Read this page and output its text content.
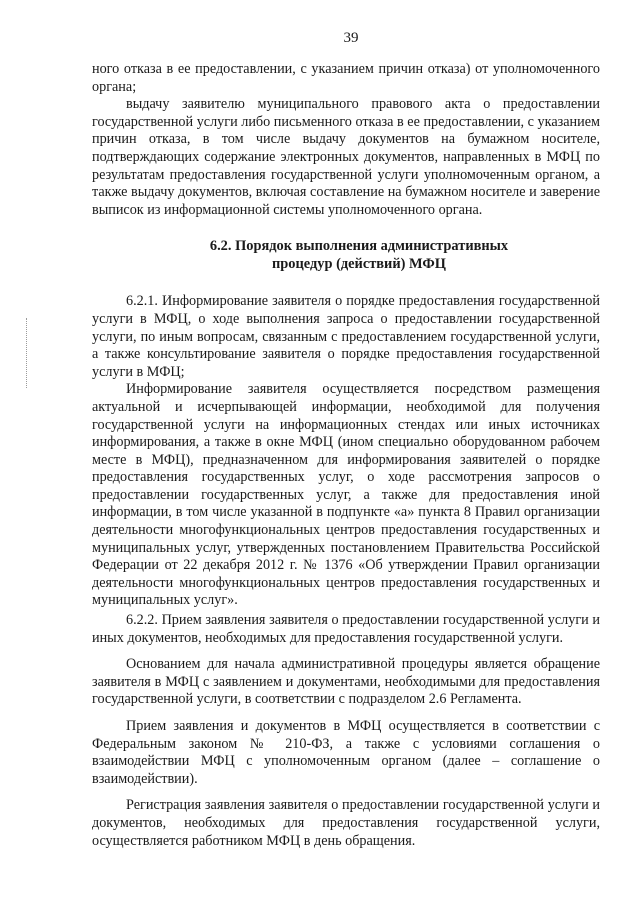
39

ного отказа в ее предоставлении, с указанием причин отказа) от уполномоченного органа;

выдачу заявителю муниципального правового акта о предоставлении государственной услуги либо письменного отказа в ее предоставлении, с указанием причин отказа, в том числе выдачу документов на бумажном носителе, подтверждающих содержание электронных документов, направленных в МФЦ по результатам предоставления государственной услуги уполномоченным органом, а также выдачу документов, включая составление на бумажном носителе и заверение выписок из информационной системы уполномоченного органа.

6.2. Порядок выполнения административных
процедур (действий) МФЦ

6.2.1. Информирование заявителя о порядке предоставления государственной услуги в МФЦ, о ходе выполнения запроса о предоставлении государственной услуги, по иным вопросам, связанным с предоставлением государственной услуги, а также консультирование заявителя о порядке предоставления государственной услуги в МФЦ;

Информирование заявителя осуществляется посредством размещения актуальной и исчерпывающей информации, необходимой для получения государственной услуги на информационных стендах или иных источниках информирования, а также в окне МФЦ (ином специально оборудованном рабочем месте в МФЦ), предназначенном для информирования заявителей о порядке предоставления государственных услуг, о ходе рассмотрения запросов о предоставлении государственных услуг, а также для предоставления иной информации, в том числе указанной в подпункте «а» пункта 8 Правил организации деятельности многофункциональных центров предоставления государственных и муниципальных услуг, утвержденных постановлением Правительства Российской Федерации от 22 декабря 2012 г. № 1376 «Об утверждении Правил организации деятельности многофункциональных центров предоставления государственных и муниципальных услуг».

6.2.2. Прием заявления заявителя о предоставлении государственной услуги и иных документов, необходимых для предоставления государственной услуги.

Основанием для начала административной процедуры является обращение заявителя в МФЦ с заявлением и документами, необходимыми для предоставления государственной услуги, в соответствии с подразделом 2.6 Регламента.

Прием заявления и документов в МФЦ осуществляется в соответствии с Федеральным законом № 210-ФЗ, а также с условиями соглашения о взаимодействии МФЦ с уполномоченным органом (далее – соглашение о взаимодействии).

Регистрация заявления заявителя о предоставлении государственной услуги и документов, необходимых для предоставления государственной услуги, осуществляется работником МФЦ в день обращения.
